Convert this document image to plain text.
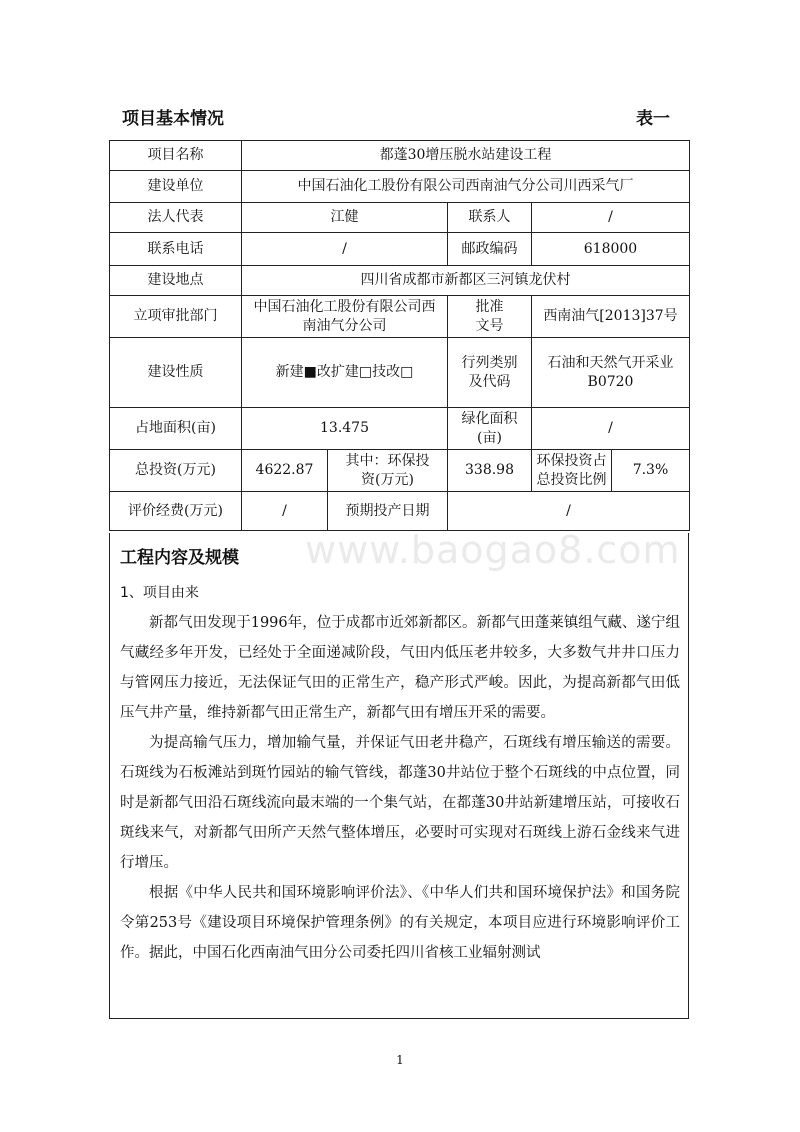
项目基本情况	表一
项目名称	都蓬30增压脱水站建设工程				
建设单位	中国石油化工股份有限公司西南油气分公司川西采气厂				
法人代表	江健		联系人	/	
联系电话	/		邮政编码	618000	
建设地点	四川省成都市新都区三河镇龙伏村				
立项审批部门	中国石油化工股份有限公司西南油气分公司		批准文号	西南油气[2013]37号	
建设性质	新建■改扩建□技改□		行列类别及代码	石油和天然气开采业B0720	
占地面积(亩)	13.475		绿化面积(亩)	/	
总投资(万元)	4622.87	其中：环保投资(万元)	338.98	环保投资占总投资比例	7.3%
评价经费(万元)	/	预期投产日期	/		
www.baogao8.com
工程内容及规模
1、项目由来

新都气田发现于1996年，位于成都市近郊新都区。新都气田蓬莱镇组气藏、遂宁组气藏经多年开发，已经处于全面递减阶段，气田内低压老井较多，大多数气井井口压力与管网压力接近，无法保证气田的正常生产，稳产形式严峻。因此，为提高新都气田低压气井产量，维持新都气田正常生产，新都气田有增压开采的需要。

为提高输气压力，增加输气量，并保证气田老井稳产，石斑线有增压输送的需要。石斑线为石板滩站到斑竹园站的输气管线，都蓬30井站位于整个石斑线的中点位置，同时是新都气田沿石斑线流向最末端的一个集气站，在都蓬30井站新建增压站，可接收石斑线来气，对新都气田所产天然气整体增压，必要时可实现对石斑线上游石金线来气进行增压。

根据《中华人民共和国环境影响评价法》、《中华人们共和国环境保护法》和国务院令第253号《建设项目环境保护管理条例》的有关规定，本项目应进行环境影响评价工作。据此，中国石化西南油气田分公司委托四川省核工业辐射测试

1
